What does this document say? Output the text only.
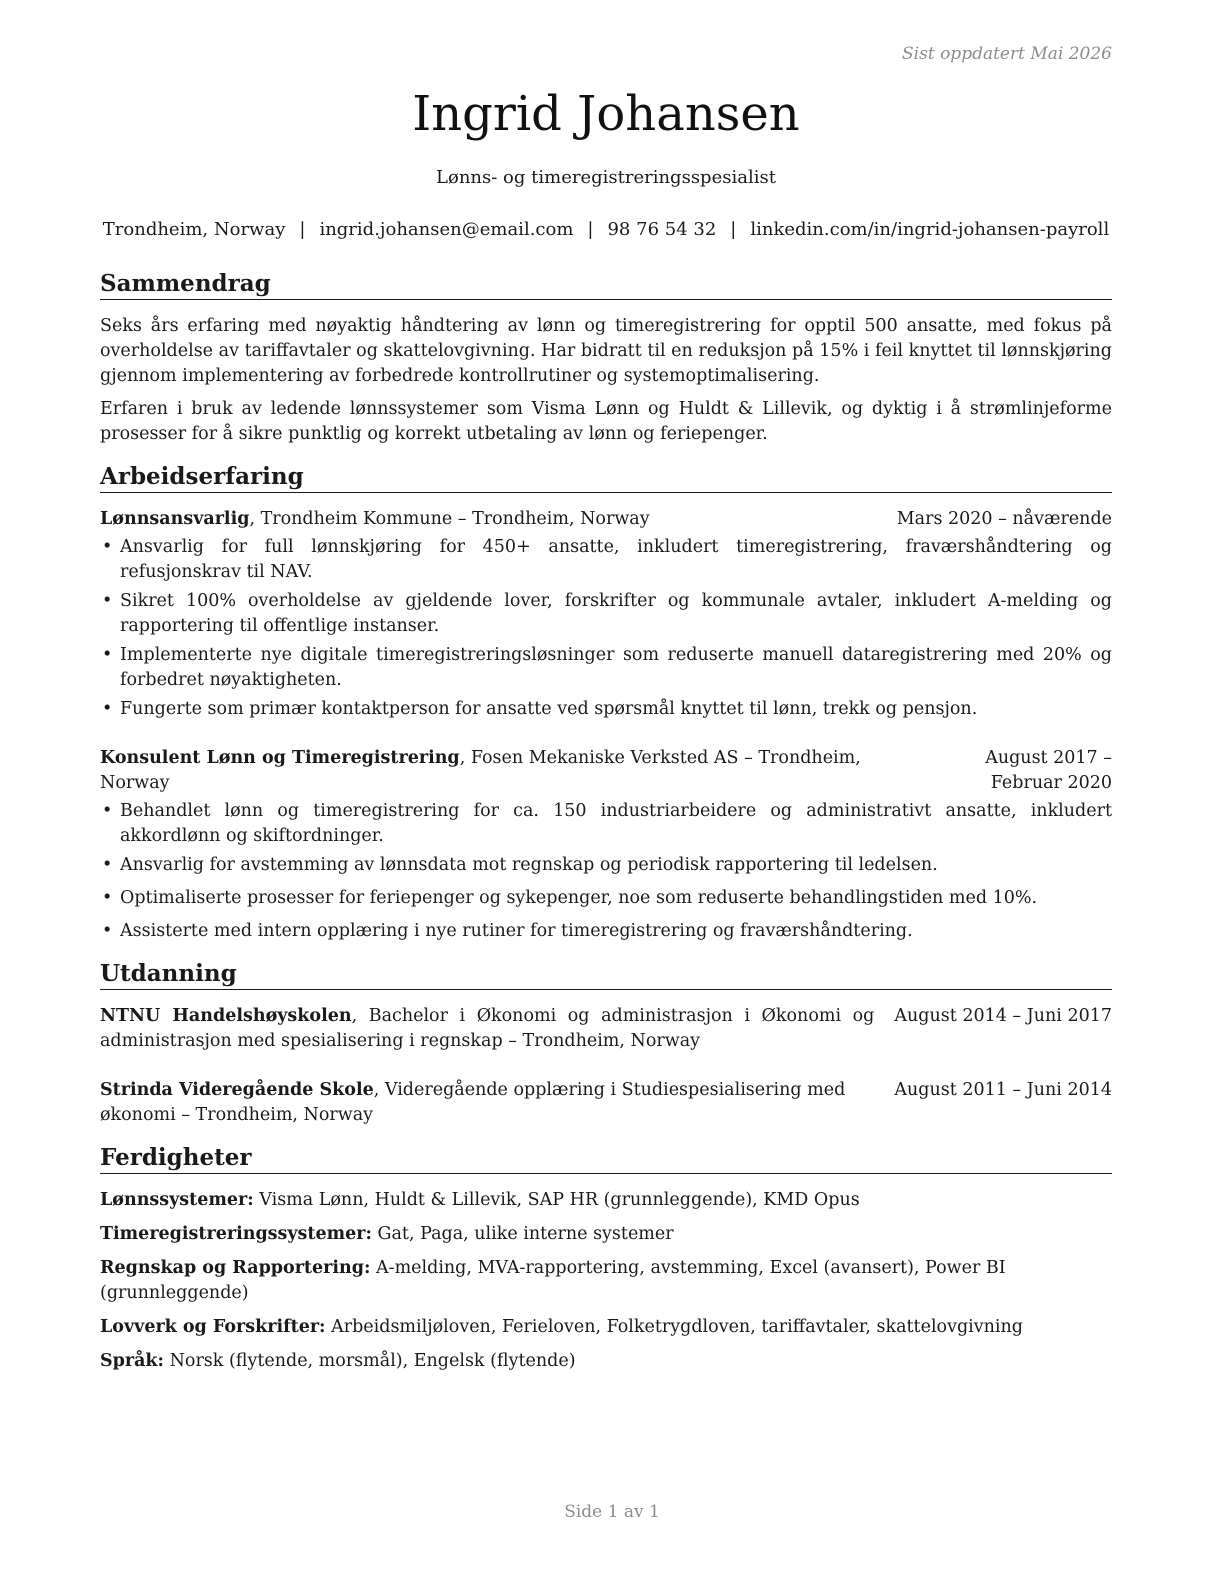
Sist oppdatert Mai 2026
Ingrid Johansen
Lønns- og timeregistreringsspesialist
Trondheim, Norway | ingrid.johansen@email.com | 98 76 54 32 | linkedin.com/in/ingrid-johansen-payroll
Sammendrag

Seks års erfaring med nøyaktig håndtering av lønn og timeregistrering for opptil 500 ansatte, med fokus på overholdelse av tariffavtaler og skattelovgivning. Har bidratt til en reduksjon på 15% i feil knyttet til lønnskjøring gjennom implementering av forbedrede kontrollrutiner og systemoptimalisering.

Erfaren i bruk av ledende lønnssystemer som Visma Lønn og Huldt & Lillevik, og dyktig i å strømlinjeforme prosesser for å sikre punktlig og korrekt utbetaling av lønn og feriepenger.

Arbeidserfaring
Lønnsansvarlig, Trondheim Kommune – Trondheim, Norway	Mars 2020 – nåværende
• Ansvarlig for full lønnskjøring for 450+ ansatte, inkludert timeregistrering, fraværshåndtering og refusjonskrav til NAV.
• Sikret 100% overholdelse av gjeldende lover, forskrifter og kommunale avtaler, inkludert A-melding og rapportering til offentlige instanser.
• Implementerte nye digitale timeregistreringsløsninger som reduserte manuell dataregistrering med 20% og forbedret nøyaktigheten.
• Fungerte som primær kontaktperson for ansatte ved spørsmål knyttet til lønn, trekk og pensjon.
Konsulent Lønn og Timeregistrering, Fosen Mekaniske Verksted AS – Trondheim, Norway
August 2017 – Februar 2020
• Behandlet lønn og timeregistrering for ca. 150 industriarbeidere og administrativt ansatte, inkludert akkordlønn og skiftordninger.
• Ansvarlig for avstemming av lønnsdata mot regnskap og periodisk rapportering til ledelsen.
• Optimaliserte prosesser for feriepenger og sykepenger, noe som reduserte behandlingstiden med 10%.
• Assisterte med intern opplæring i nye rutiner for timeregistrering og fraværshåndtering.
Utdanning
NTNU Handelshøyskolen, Bachelor i Økonomi og administrasjon i Økonomi og administrasjon med spesialisering i regnskap – Trondheim, Norway
August 2014 – Juni 2017
Strinda Videregående Skole, Videregående opplæring i Studiespesialisering med økonomi – Trondheim, Norway
August 2011 – Juni 2014
Ferdigheter
Lønnssystemer: Visma Lønn, Huldt & Lillevik, SAP HR (grunnleggende), KMD Opus
Timeregistreringssystemer: Gat, Paga, ulike interne systemer
Regnskap og Rapportering: A-melding, MVA-rapportering, avstemming, Excel (avansert), Power BI (grunnleggende)
Lovverk og Forskrifter: Arbeidsmiljøloven, Ferieloven, Folketrygdloven, tariffavtaler, skattelovgivning
Språk: Norsk (flytende, morsmål), Engelsk (flytende)
Side 1 av 1
